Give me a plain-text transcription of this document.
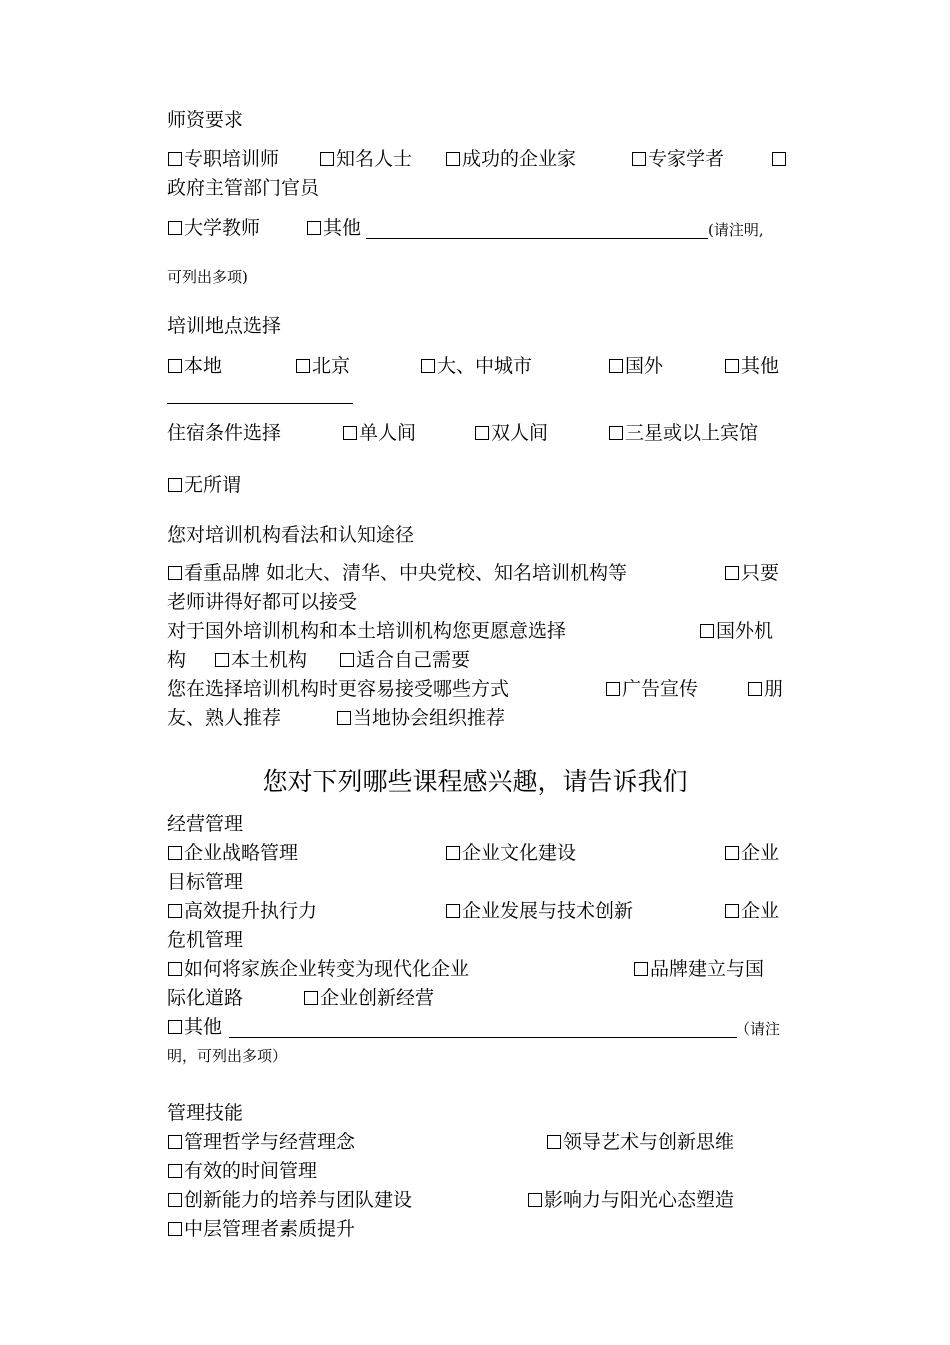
师资要求
专职培训师	知名人士	成功的企业家	专家学者
政府主管部门官员
大学教师	其他	(请注明,
可列出多项)
培训地点选择
本地	北京	大、中城市	国外	其他
住宿条件选择	单人间	双人间	三星或以上宾馆
无所谓
您对培训机构看法和认知途径
看重品牌 如北大、清华、中央党校、知名培训机构等	只要
老师讲得好都可以接受
对于国外培训机构和本土培训机构您更愿意选择	国外机
构	本土机构	适合自己需要
您在选择培训机构时更容易接受哪些方式	广告宣传	朋
友、熟人推荐	当地协会组织推荐
您对下列哪些课程感兴趣，请告诉我们
经营管理
企业战略管理	企业文化建设	企业
目标管理
高效提升执行力	企业发展与技术创新	企业
危机管理
如何将家族企业转变为现代化企业	品牌建立与国
际化道路	企业创新经营
其他	（请注
明，可列出多项）
管理技能
管理哲学与经营理念	领导艺术与创新思维
有效的时间管理
创新能力的培养与团队建设	影响力与阳光心态塑造
中层管理者素质提升
